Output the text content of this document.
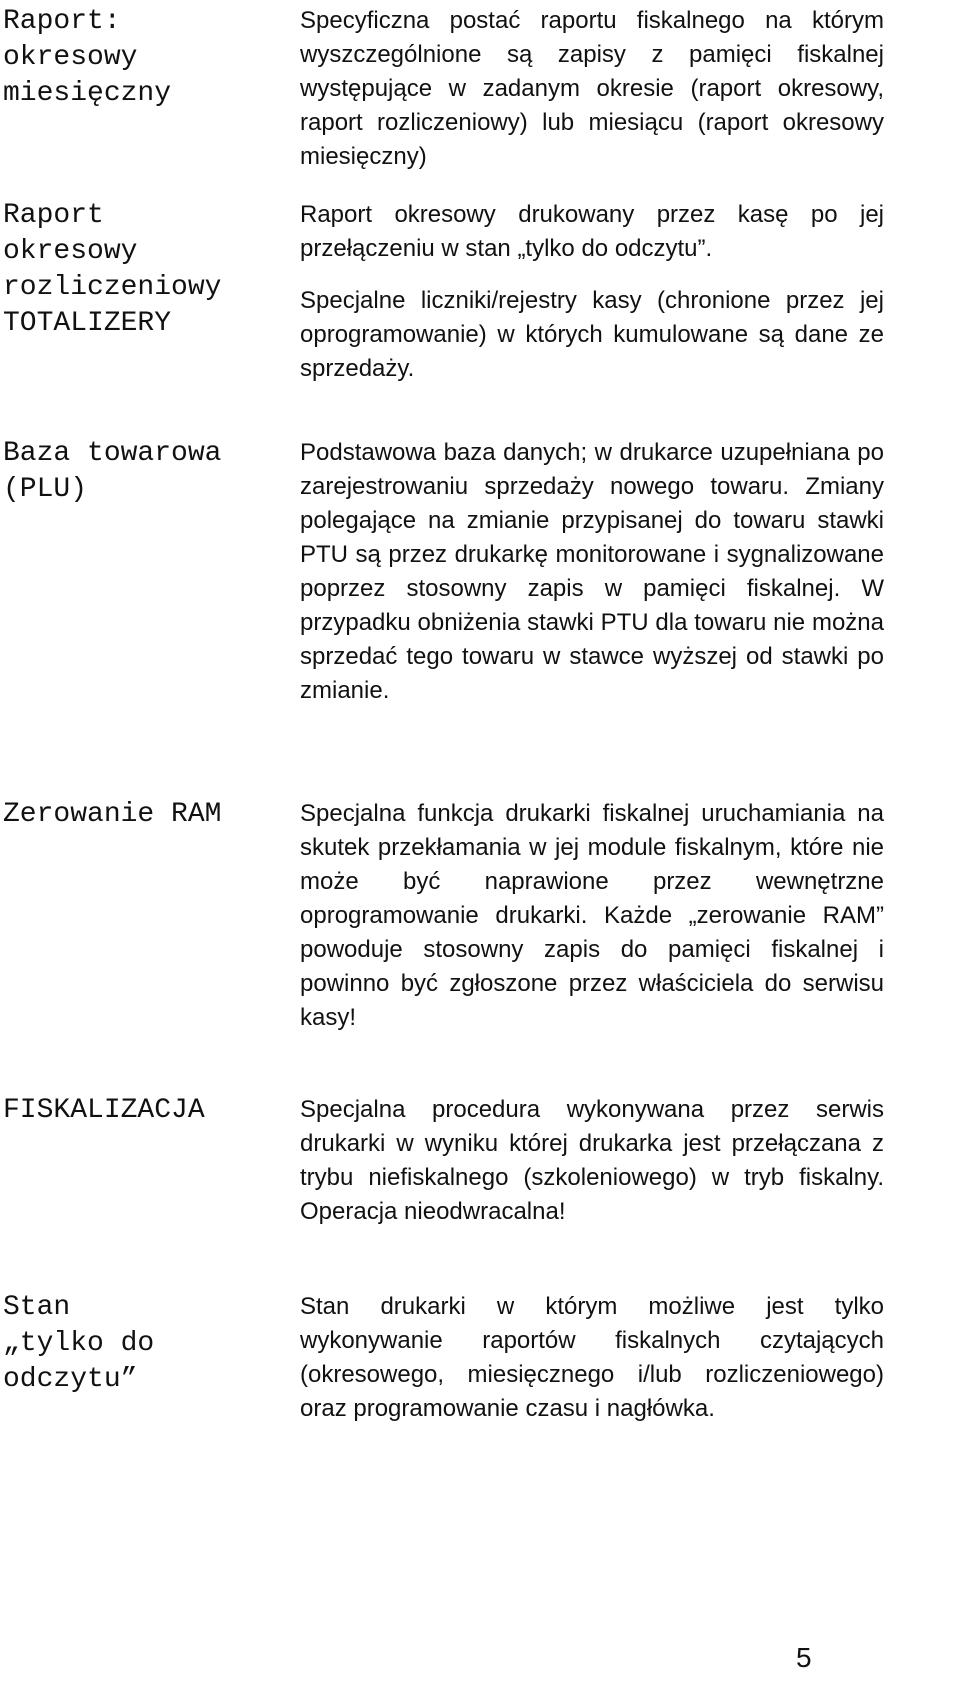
Raport:
okresowy
miesięczny

Specyficzna postać raportu fiskalnego na którym wyszczególnione są zapisy z pamięci fiskalnej występujące w zadanym okresie (raport okresowy, raport rozliczeniowy) lub miesiącu (raport okresowy miesięczny)

Raport
okresowy
rozliczeniowy
TOTALIZERY

Raport okresowy drukowany przez kasę po jej przełączeniu w stan „tylko do odczytu”.

Specjalne liczniki/rejestry kasy (chronione przez jej oprogramowanie) w których kumulowane są dane ze sprzedaży.

Baza towarowa
(PLU)

Podstawowa baza danych; w drukarce uzupełniana po zarejestrowaniu sprzedaży nowego towaru. Zmiany polegające na zmianie przypisanej do towaru stawki PTU są przez drukarkę monitorowane i sygnalizowane poprzez stosowny zapis w pamięci fiskalnej. W przypadku obniżenia stawki PTU dla towaru nie można sprzedać tego towaru w stawce wyższej od stawki po zmianie.

Zerowanie RAM	Specjalna funkcja drukarki fiskalnej uruchamiania na skutek przekłamania w jej module fiskalnym, które nie może być naprawione przez wewnętrzne oprogramowanie drukarki. Każde „zerowanie RAM” powoduje stosowny zapis do pamięci fiskalnej i powinno być zgłoszone przez właściciela do serwisu kasy!

FISKALIZACJA	Specjalna procedura wykonywana przez serwis drukarki w wyniku której drukarka jest przełączana z trybu niefiskalnego (szkoleniowego) w tryb fiskalny. Operacja nieodwracalna!

Stan
„tylko do
odczytu”

Stan drukarki w którym możliwe jest tylko wykonywanie raportów fiskalnych czytających (okresowego, miesięcznego i/lub rozliczeniowego) oraz programowanie czasu i nagłówka.

5
